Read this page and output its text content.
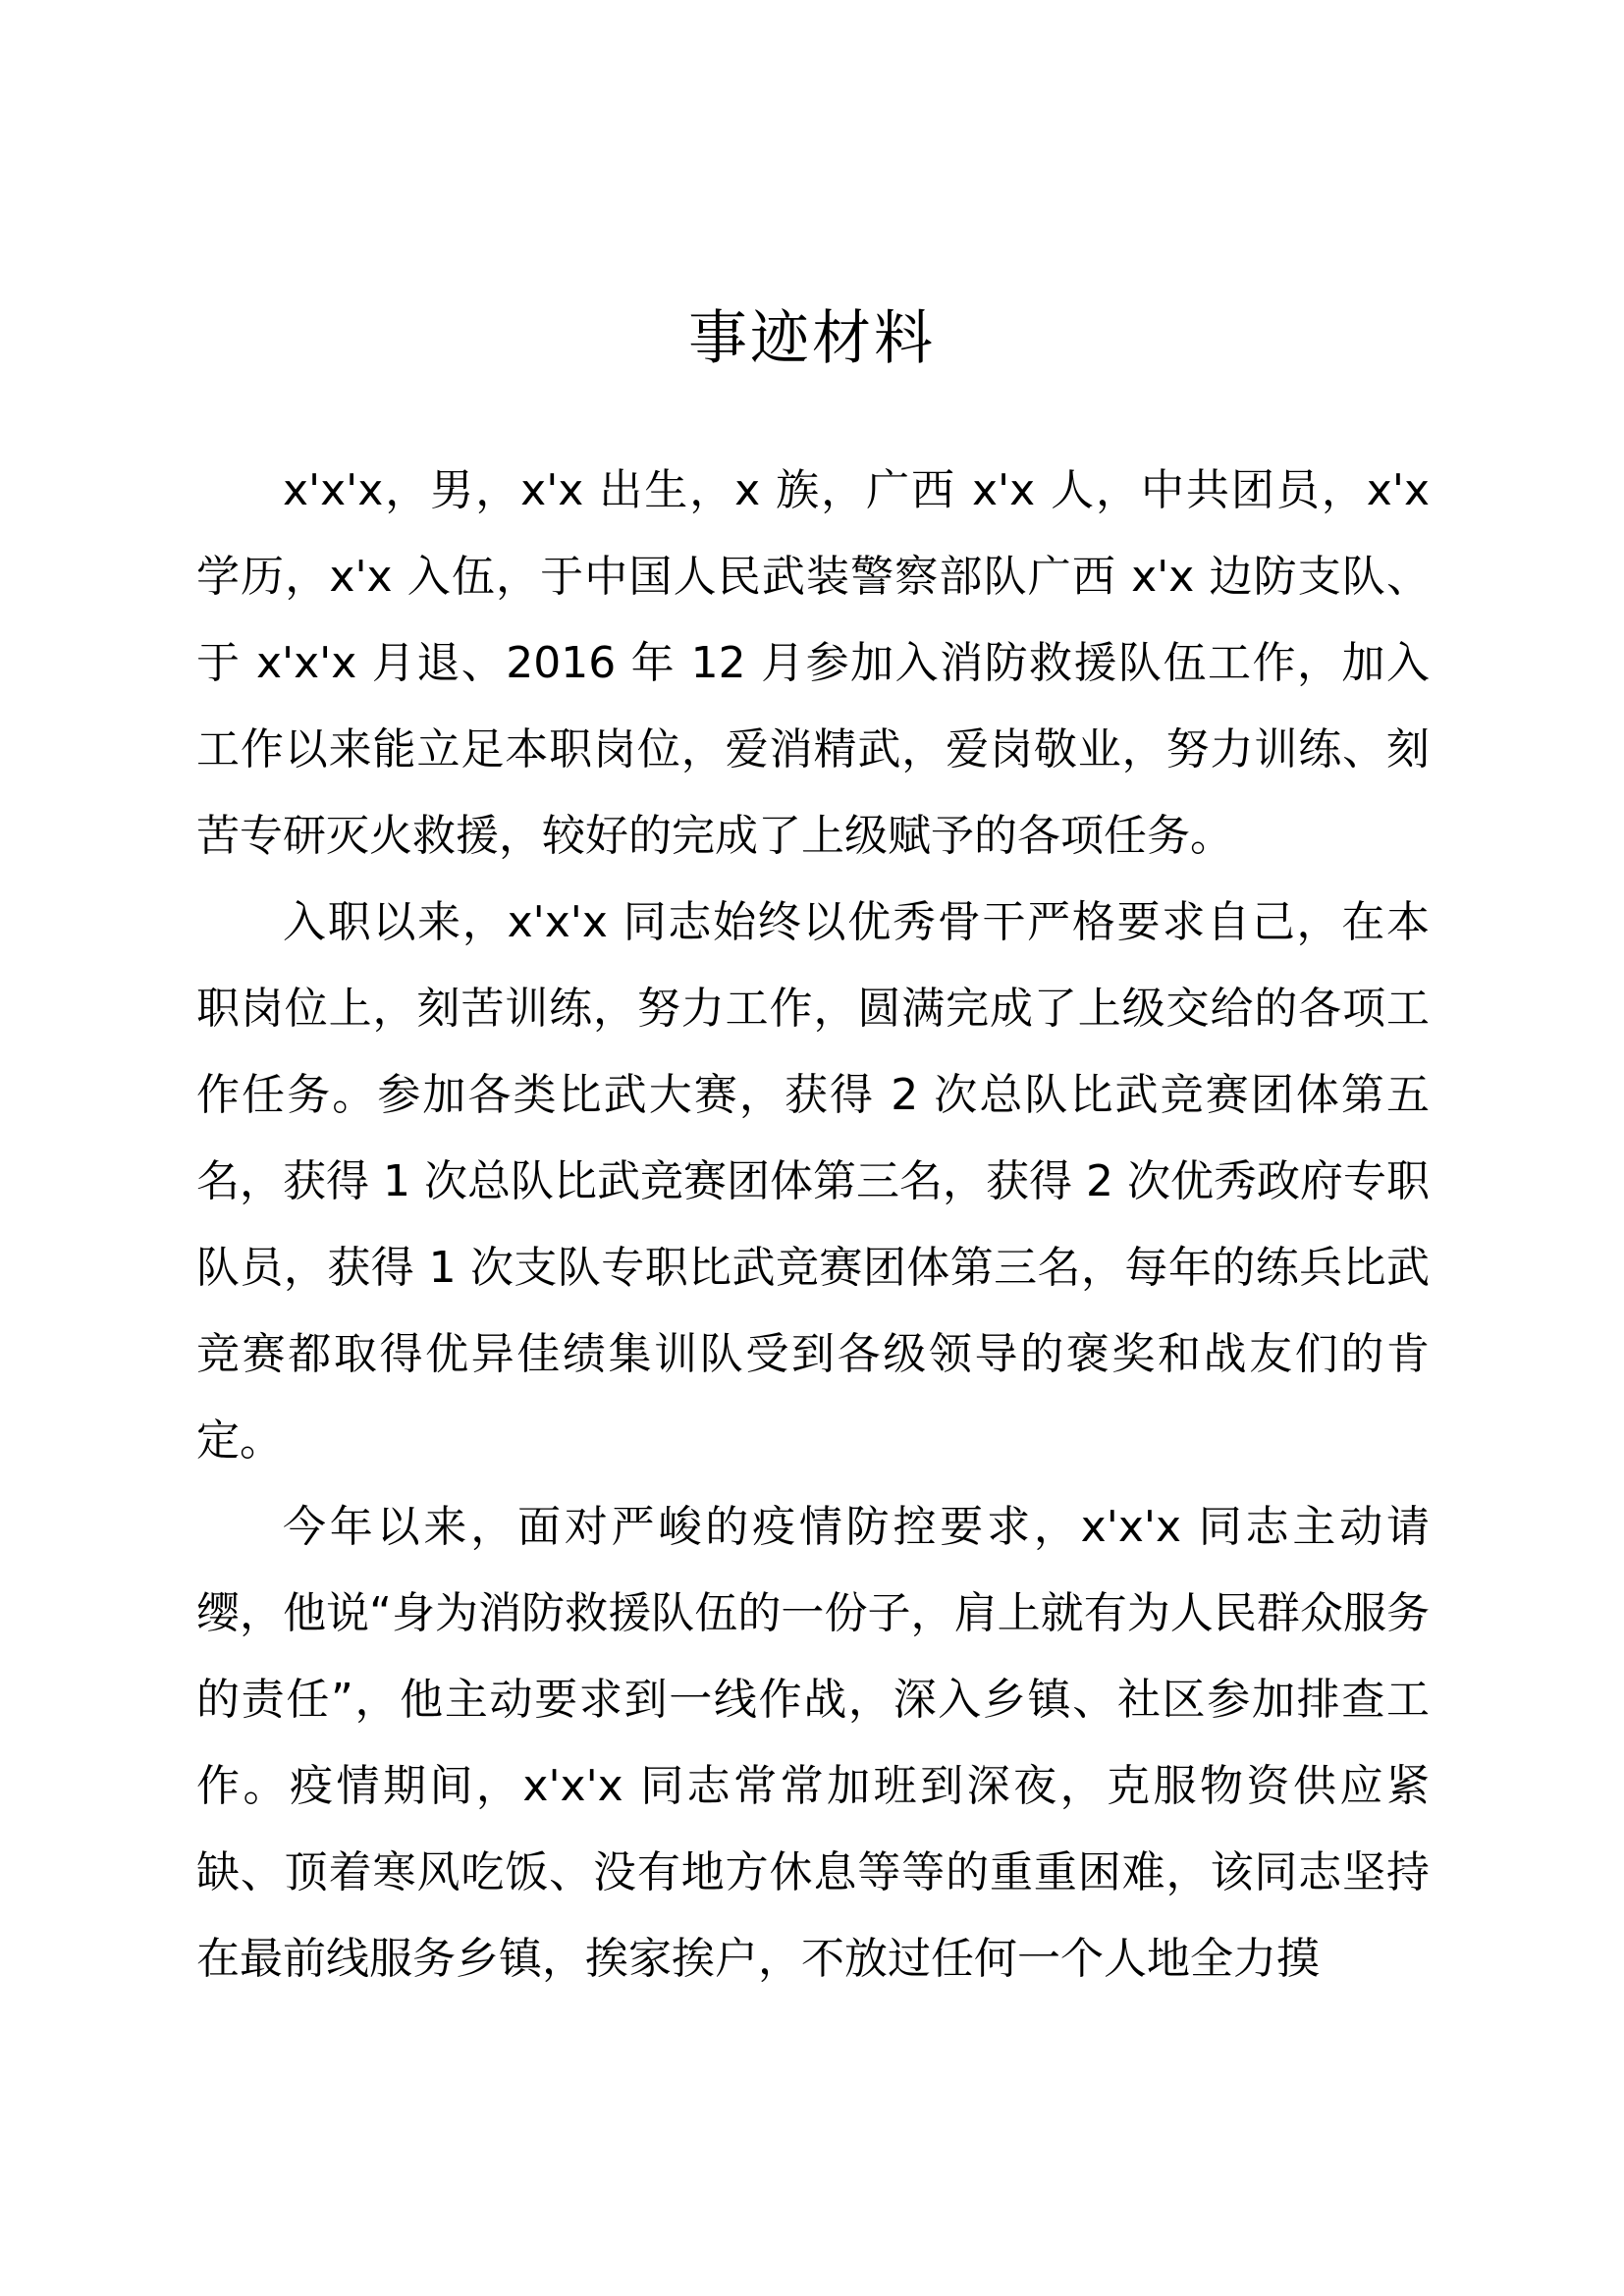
事迹材料

x'x'x，男，x'x 出生，x 族，广西 x'x 人，中共团员，x'x 学历，x'x 入伍，于中国人民武装警察部队广西 x'x 边防支队、于 x'x'x 月退、2016 年 12 月参加入消防救援队伍工作，加入工作以来能立足本职岗位，爱消精武，爱岗敬业，努力训练、刻苦专研灭火救援，较好的完成了上级赋予的各项任务。

入职以来，x'x'x 同志始终以优秀骨干严格要求自己，在本职岗位上，刻苦训练，努力工作，圆满完成了上级交给的各项工作任务。参加各类比武大赛，获得 2 次总队比武竞赛团体第五名，获得 1 次总队比武竞赛团体第三名，获得 2 次优秀政府专职队员，获得 1 次支队专职比武竞赛团体第三名，每年的练兵比武竞赛都取得优异佳绩集训队受到各级领导的褒奖和战友们的肯定。

今年以来，面对严峻的疫情防控要求，x'x'x 同志主动请缨，他说“身为消防救援队伍的一份子，肩上就有为人民群众服务的责任”，他主动要求到一线作战，深入乡镇、社区参加排查工作。疫情期间，x'x'x 同志常常加班到深夜，克服物资供应紧缺、顶着寒风吃饭、没有地方休息等等的重重困难，该同志坚持在最前线服务乡镇，挨家挨户，不放过任何一个人地全力摸
